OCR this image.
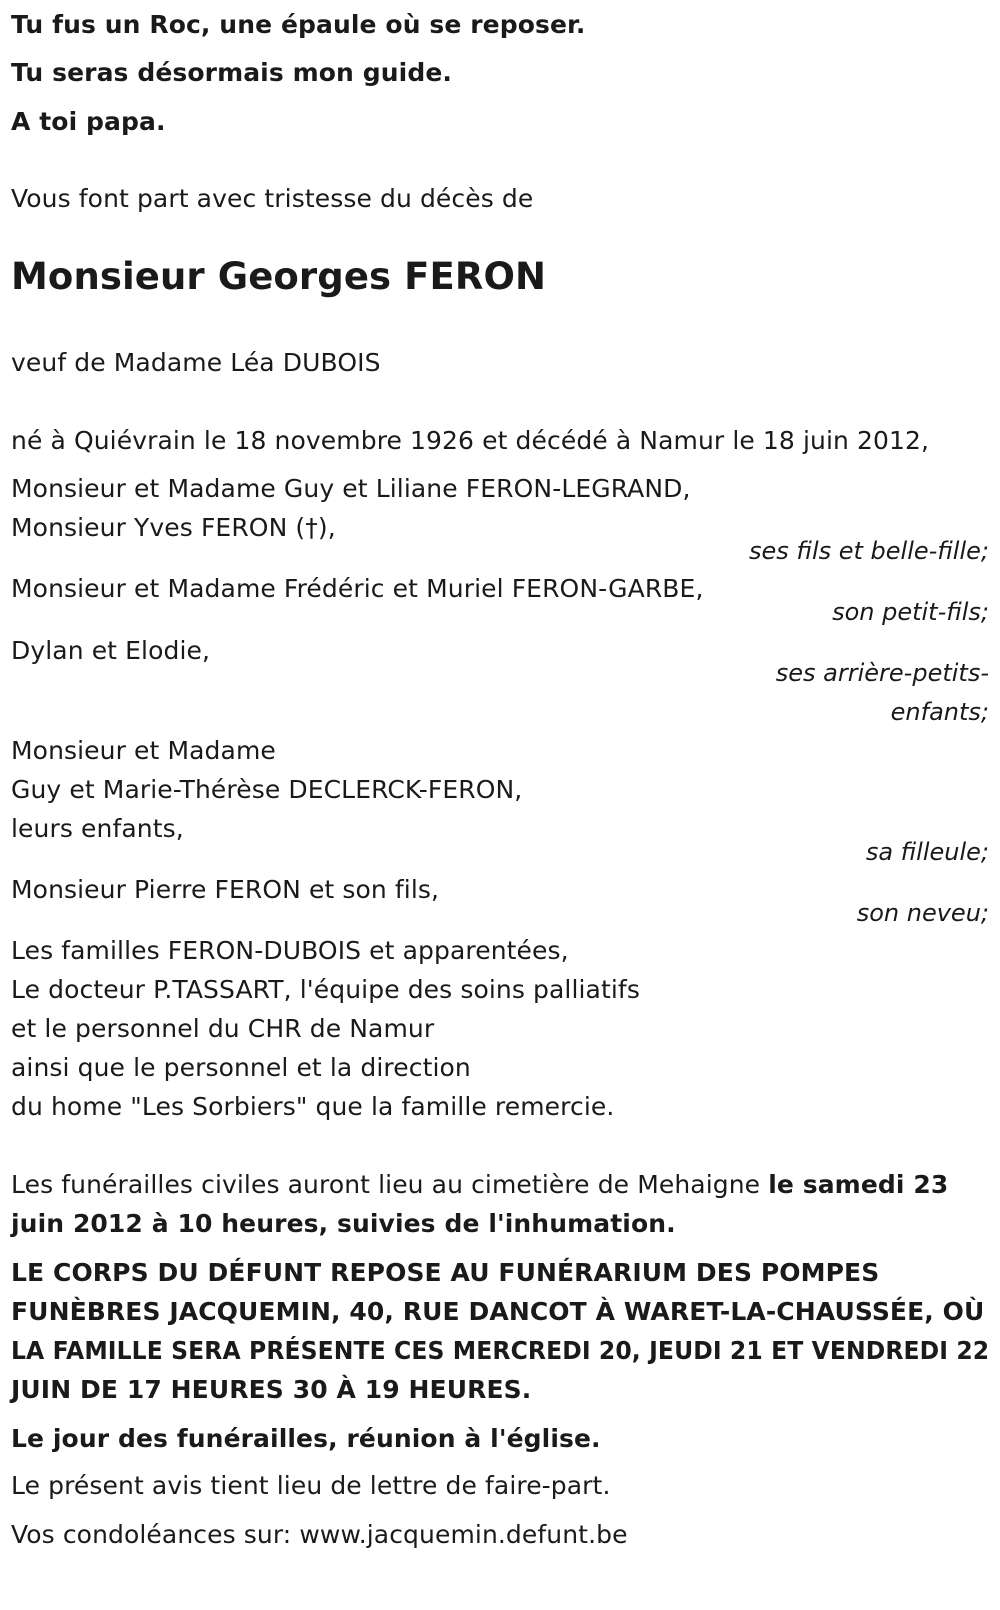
Tu fus un Roc, une épaule où se reposer.
Tu seras désormais mon guide.
A toi papa.
Vous font part avec tristesse du décès de
Monsieur Georges FERON
veuf de Madame Léa DUBOIS
né à Quiévrain le 18 novembre 1926 et décédé à Namur le 18 juin 2012,
Monsieur et Madame Guy et Liliane FERON-LEGRAND,
Monsieur Yves FERON (†),
ses fils et belle-fille;
Monsieur et Madame Frédéric et Muriel FERON-GARBE,
son petit-fils;
Dylan et Elodie,
ses arrière-petits-
enfants;
Monsieur et Madame
Guy et Marie-Thérèse DECLERCK-FERON,
leurs enfants,
sa filleule;
Monsieur Pierre FERON et son fils,
son neveu;
Les familles FERON-DUBOIS et apparentées,
Le docteur P.TASSART, l'équipe des soins palliatifs
et le personnel du CHR de Namur
ainsi que le personnel et la direction
du home "Les Sorbiers" que la famille remercie.
Les funérailles civiles auront lieu au cimetière de Mehaigne le samedi 23
juin 2012 à 10 heures, suivies de l'inhumation.
LE CORPS DU DÉFUNT REPOSE AU FUNÉRARIUM DES POMPES
FUNÈBRES JACQUEMIN, 40, RUE DANCOT À WARET-LA-CHAUSSÉE, OÙ
LA FAMILLE SERA PRÉSENTE CES MERCREDI 20, JEUDI 21 ET VENDREDI 22
JUIN DE 17 HEURES 30 À 19 HEURES.
Le jour des funérailles, réunion à l'église.
Le présent avis tient lieu de lettre de faire-part.
Vos condoléances sur: www.jacquemin.defunt.be
